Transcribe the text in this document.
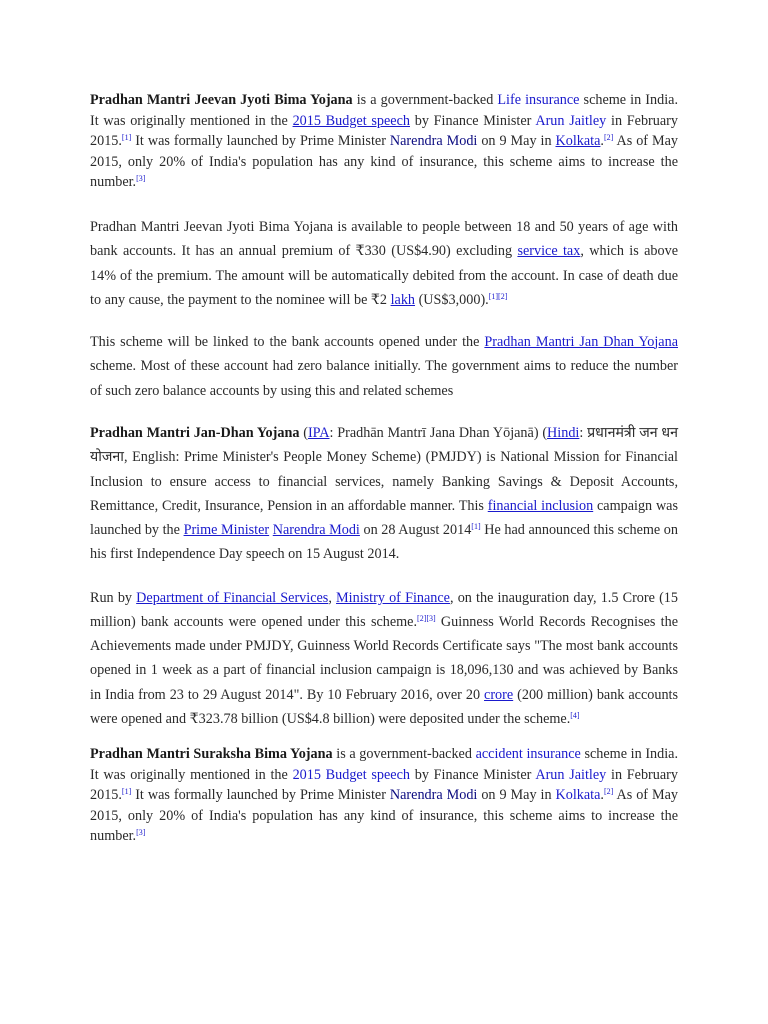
Pradhan Mantri Jeevan Jyoti Bima Yojana is a government-backed Life insurance scheme in India. It was originally mentioned in the 2015 Budget speech by Finance Minister Arun Jaitley in February 2015.[1] It was formally launched by Prime Minister Narendra Modi on 9 May in Kolkata.[2] As of May 2015, only 20% of India's population has any kind of insurance, this scheme aims to increase the number.[3]

Pradhan Mantri Jeevan Jyoti Bima Yojana is available to people between 18 and 50 years of age with bank accounts. It has an annual premium of ₹330 (US$4.90) excluding service tax, which is above 14% of the premium. The amount will be automatically debited from the account. In case of death due to any cause, the payment to the nominee will be ₹2 lakh (US$3,000).[1][2]

This scheme will be linked to the bank accounts opened under the Pradhan Mantri Jan Dhan Yojana scheme. Most of these account had zero balance initially. The government aims to reduce the number of such zero balance accounts by using this and related schemes

Pradhan Mantri Jan-Dhan Yojana (IPA: Pradhān Mantrī Jana Dhan Yōjanā) (Hindi: प्रधानमंत्री जन धन योजना, English: Prime Minister's People Money Scheme) (PMJDY) is National Mission for Financial Inclusion to ensure access to financial services, namely Banking Savings & Deposit Accounts, Remittance, Credit, Insurance, Pension in an affordable manner. This financial inclusion campaign was launched by the Prime Minister Narendra Modi on 28 August 2014[1] He had announced this scheme on his first Independence Day speech on 15 August 2014.

Run by Department of Financial Services, Ministry of Finance, on the inauguration day, 1.5 Crore (15 million) bank accounts were opened under this scheme.[2][3] Guinness World Records Recognises the Achievements made under PMJDY, Guinness World Records Certificate says "The most bank accounts opened in 1 week as a part of financial inclusion campaign is 18,096,130 and was achieved by Banks in India from 23 to 29 August 2014". By 10 February 2016, over 20 crore (200 million) bank accounts were opened and ₹323.78 billion (US$4.8 billion) were deposited under the scheme.[4]

Pradhan Mantri Suraksha Bima Yojana is a government-backed accident insurance scheme in India. It was originally mentioned in the 2015 Budget speech by Finance Minister Arun Jaitley in February 2015.[1] It was formally launched by Prime Minister Narendra Modi on 9 May in Kolkata.[2] As of May 2015, only 20% of India's population has any kind of insurance, this scheme aims to increase the number.[3]
